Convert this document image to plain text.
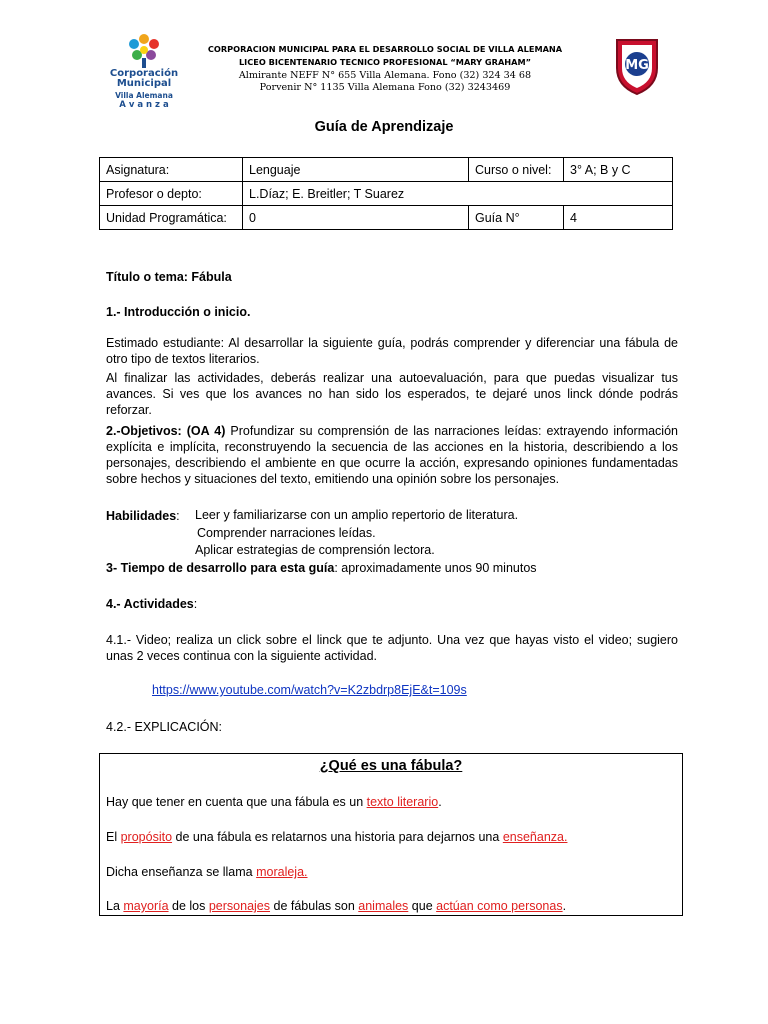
Corporación
Municipal
Villa Alemana
A v a n z a
CORPORACION MUNICIPAL PARA EL DESARROLLO SOCIAL DE VILLA ALEMANA
LICEO BICENTENARIO TECNICO PROFESIONAL “MARY GRAHAM”
Almirante NEFF N° 655 Villa Alemana. Fono (32) 324 34 68
Porvenir N° 1135 Villa Alemana Fono (32) 3243469
MG
Guía de Aprendizaje
Asignatura:	Lenguaje	Curso o nivel:	3° A; B y C
Profesor o depto:	L.Díaz; E. Breitler; T Suarez		
Unidad Programática:	0	Guía N°	4
Título o tema: Fábula
1.- Introducción o inicio.
Estimado estudiante: Al desarrollar la siguiente guía, podrás comprender y diferenciar una fábula de otro tipo de textos literarios.
Al finalizar las actividades, deberás realizar una autoevaluación, para que puedas visualizar tus avances. Si ves que los avances no han sido los esperados, te dejaré unos linck dónde podrás reforzar.
2.-Objetivos: (OA 4) Profundizar su comprensión de las narraciones leídas: extrayendo información explícita e implícita, reconstruyendo la secuencia de las acciones en la historia, describiendo a los personajes, describiendo el ambiente en que ocurre la acción, expresando opiniones fundamentadas sobre hechos y situaciones del texto, emitiendo una opinión sobre los personajes.
Habilidades:	Leer y familiarizarse con un amplio repertorio de literatura.
Comprender narraciones leídas.
Aplicar estrategias de comprensión lectora.
3- Tiempo de desarrollo para esta guía: aproximadamente unos 90 minutos
4.- Actividades:
4.1.- Video; realiza un click sobre el linck que te adjunto. Una vez que hayas visto el video; sugiero unas 2 veces continua con la siguiente actividad.
https://www.youtube.com/watch?v=K2zbdrp8EjE&t=109s
4.2.- EXPLICACIÓN:
¿Qué es una fábula?
Hay que tener en cuenta que una fábula es un texto literario.
El propósito de una fábula es relatarnos una historia para dejarnos una enseñanza.
Dicha enseñanza se llama moraleja.
La mayoría de los personajes de fábulas son animales que actúan como personas.
